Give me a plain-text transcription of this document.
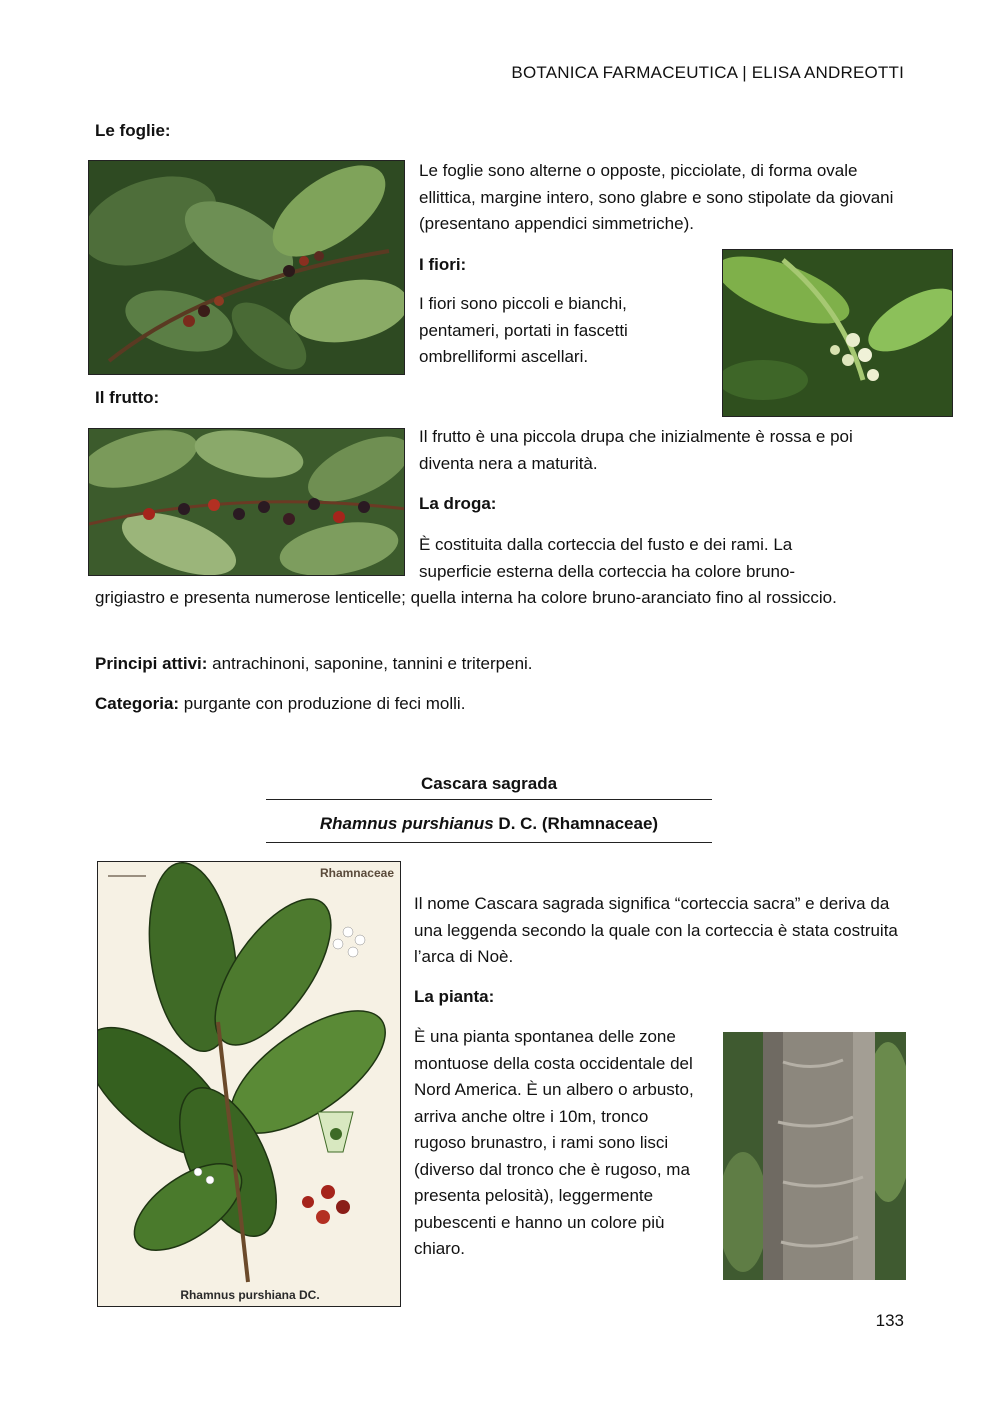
BOTANICA FARMACEUTICA | ELISA ANDREOTTI
Le foglie:
Le foglie sono alterne o opposte, picciolate, di forma ovale ellittica, margine intero, sono glabre e sono stipolate da giovani (presentano appendici simmetriche).
I fiori:
I fiori sono piccoli e bianchi, pentameri, portati in fascetti ombrelliformi ascellari.
Il frutto:
Il frutto è una piccola drupa che inizialmente è rossa e poi diventa nera a maturità.
La droga:
È costituita dalla corteccia del fusto e dei rami. La
superficie esterna della corteccia ha colore bruno-
grigiastro e presenta numerose lenticelle; quella interna ha colore bruno-aranciato fino al rossiccio.
Principi attivi: antrachinoni, saponine, tannini e triterpeni.
Categoria: purgante con produzione di feci molli.
Cascara sagrada
Rhamnus purshianus D. C. (Rhamnaceae)
Rhamnaceae
Rhamnus purshiana DC.
Il nome Cascara sagrada significa “corteccia sacra” e deriva da una leggenda secondo la quale con la corteccia è stata costruita l’arca di Noè.
La pianta:
È una pianta spontanea delle zone montuose della costa occidentale del Nord America. È un albero o arbusto, arriva anche oltre i 10m, tronco rugoso brunastro, i rami sono lisci (diverso dal tronco che è rugoso, ma presenta pelosità), leggermente pubescenti e hanno un colore più chiaro.
133
